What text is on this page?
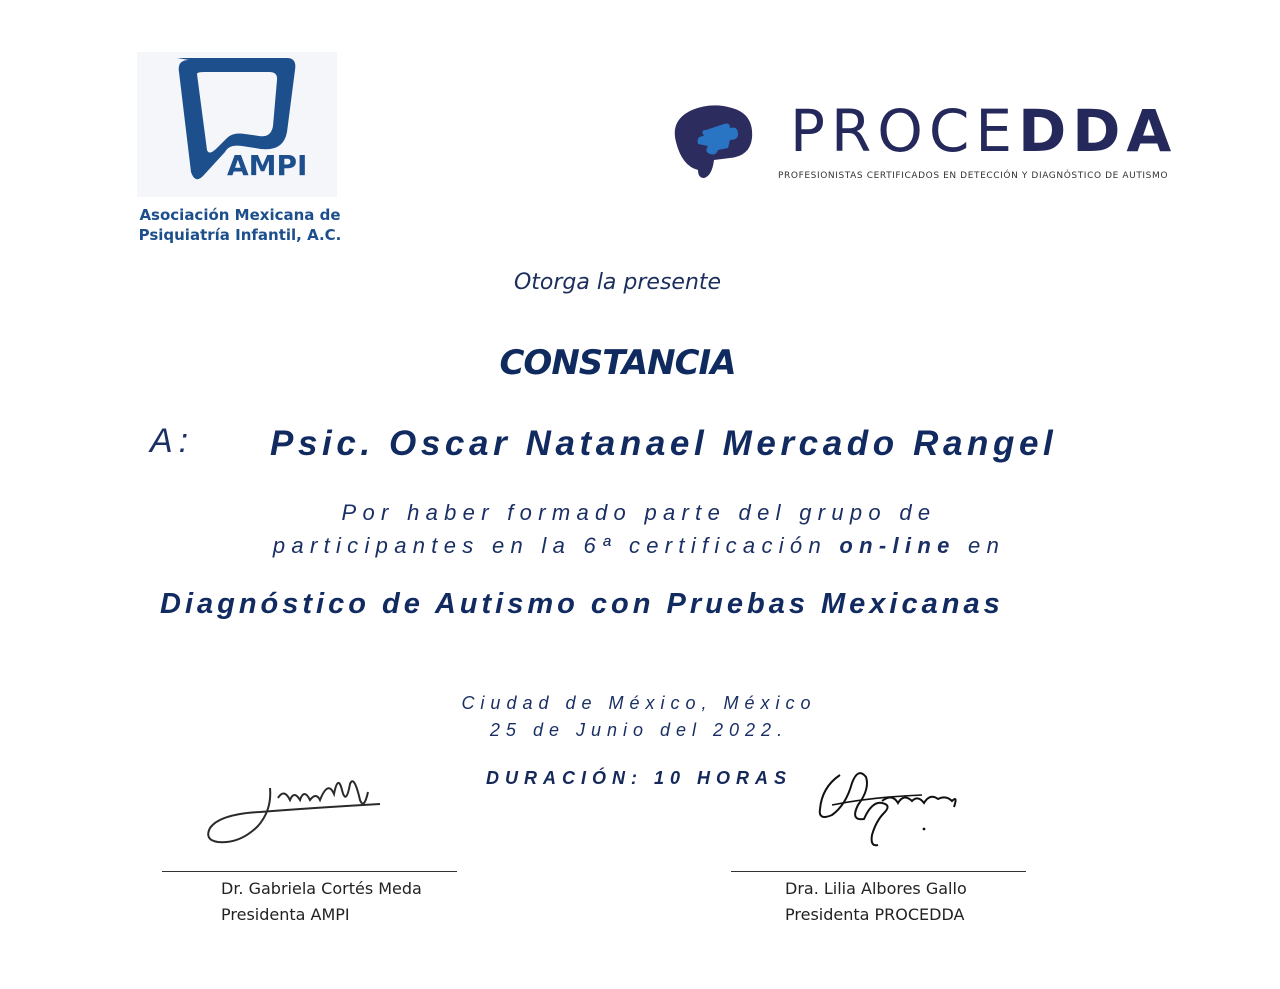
AMPI
Asociación Mexicana de
Psiquiatría Infantil, A.C.
PROCEDDA
PROFESIONISTAS CERTIFICADOS EN DETECCIÓN Y DIAGNÓSTICO DE AUTISMO
Otorga la presente
CONSTANCIA
A: Psic. Oscar Natanael Mercado Rangel
Por haber formado parte del grupo de
participantes en la 6ª certificación on-line en
Diagnóstico de Autismo con Pruebas Mexicanas
Ciudad de México, México
25 de Junio del 2022.
DURACIÓN: 10 HORAS
Dr. Gabriela Cortés Meda
Presidenta AMPI
Dra. Lilia Albores Gallo
Presidenta PROCEDDA
